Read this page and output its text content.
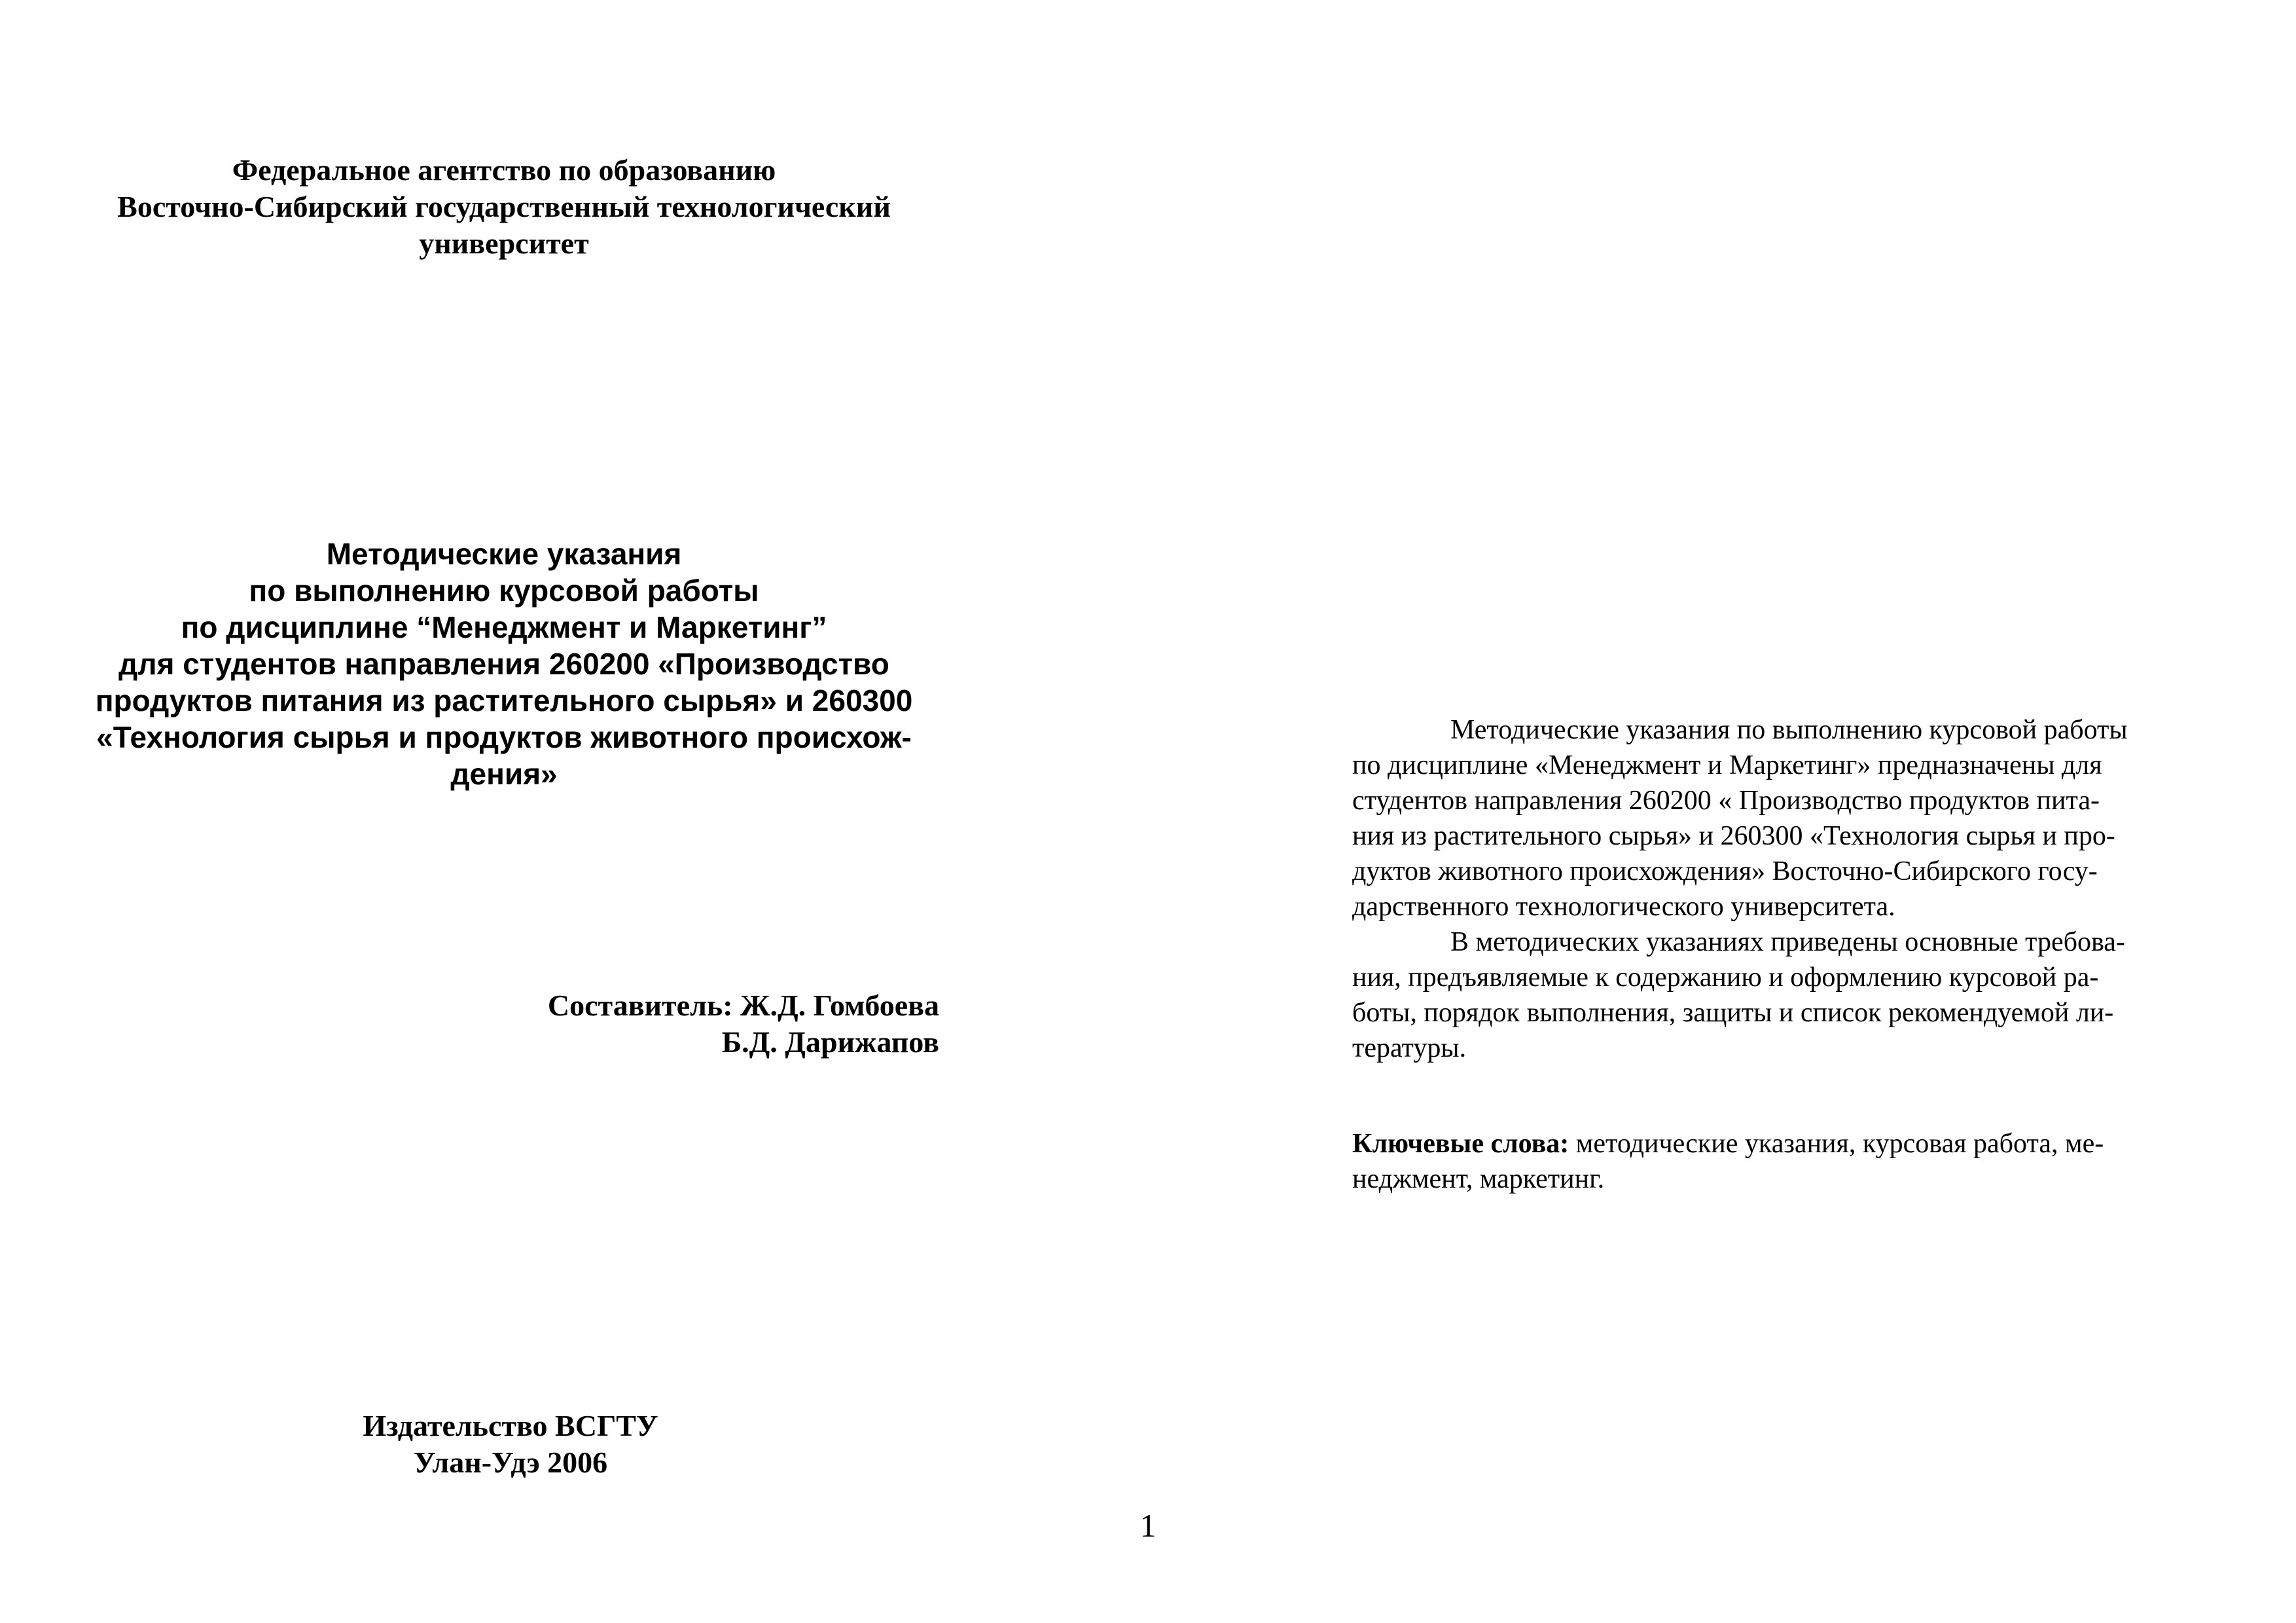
Федеральное агентство по образованию
Восточно-Сибирский государственный технологический
университет
Методические указания
по выполнению курсовой работы
по дисциплине “Менеджмент и Маркетинг”
для студентов направления 260200 «Производство
продуктов питания из растительного сырья» и 260300
«Технология сырья и продуктов животного происхож-
дения»
Составитель: Ж.Д. Гомбоева
Б.Д. Дарижапов
Издательство ВСГТУ
Улан-Удэ 2006
1
Методические указания по выполнению курсовой работы
по дисциплине «Менеджмент и Маркетинг» предназначены для
студентов направления 260200 « Производство продуктов пита-
ния из растительного сырья» и 260300 «Технология сырья и про-
дуктов животного происхождения» Восточно-Сибирского госу-
дарственного технологического университета.
В методических указаниях приведены основные требова-
ния, предъявляемые к содержанию и оформлению курсовой ра-
боты, порядок выполнения, защиты и список рекомендуемой ли-
тературы.
Ключевые слова: методические указания, курсовая работа, ме-
неджмент, маркетинг.
